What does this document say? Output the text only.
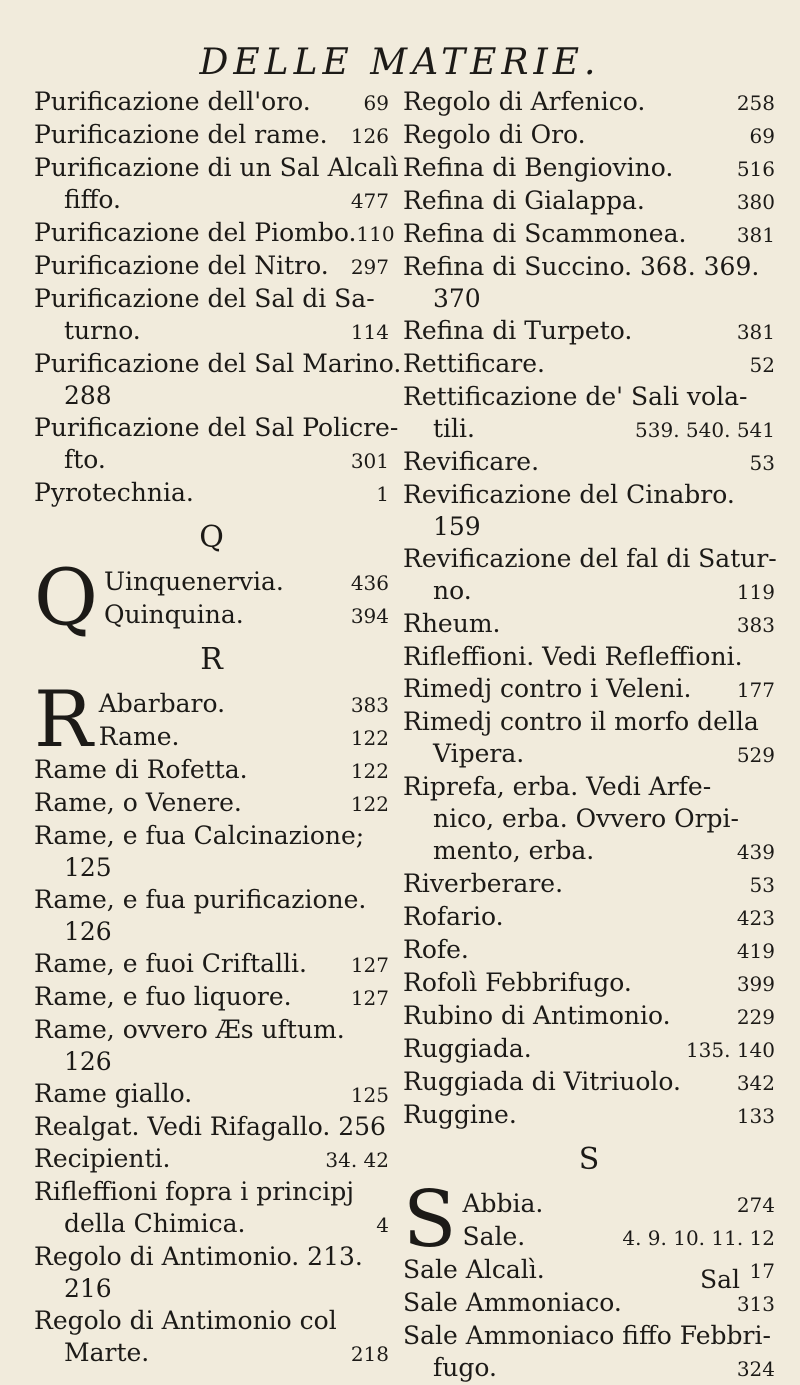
DELLE MATERIE.
Purificazione dell'oro.	69
Purificazione del rame. 126
Purificazione di un Sal Alcalì
fiffo.	477
Purificazione del Piombo. 110
Purificazione del Nitro. 297
Purificazione del Sal di Sa-
turno.	114
Purificazione del Sal Marino.
288
Purificazione del Sal Policre-
fto.	301
Pyrotechnia.	1
Q
Q Uinquenervia.	436
Quinquina.	394
R
R Abarbaro.	383
Rame.	122
Rame di Rofetta.	122
Rame, o Venere.	122
Rame, e fua Calcinazione;
125
Rame, e fua purificazione.
126
Rame, e fuoi Criftalli. 127
Rame, e fuo liquore.	127
Rame, ovvero Æs uftum.
126
Rame giallo.	125
Realgat. Vedi Rifagallo. 256
Recipienti.	34. 42
Rifleffioni fopra i principj
della Chimica.	4
Regolo di Antimonio. 213.
216
Regolo di Antimonio col
Marte.	218
Regolo di Arfenico.	258
Regolo di Oro.	69
Refina di Bengiovino.	516
Refina di Gialappa.	380
Refina di Scammonea.	381
Refina di Succino. 368. 369.
370
Refina di Turpeto.	381
Rettificare.	52
Rettificazione de' Sali vola-
tili.	539. 540. 541
Revificare.	53
Revificazione del Cinabro.
159
Revificazione del fal di Satur-
no.	119
Rheum.	383
Rifleffioni. Vedi Refleffioni.
Rimedj contro i Veleni. 177
Rimedj contro il morfo della
Vipera.	529
Riprefa, erba. Vedi Arfe-
nico, erba. Ovvero Orpi-
mento, erba.	439
Riverberare.	53
Rofario.	423
Rofe.	419
Rofolì Febbrifugo.	399
Rubino di Antimonio.	229
Ruggiada.	135. 140
Ruggiada di Vitriuolo.	342
Ruggine.	133
S
S Abbia.	274
Sale.	4. 9. 10. 11. 12
Sale Alcalì.	17
Sale Ammoniaco.	313
Sale Ammoniaco fiffo Febbri-
fugo.	324
Sal
